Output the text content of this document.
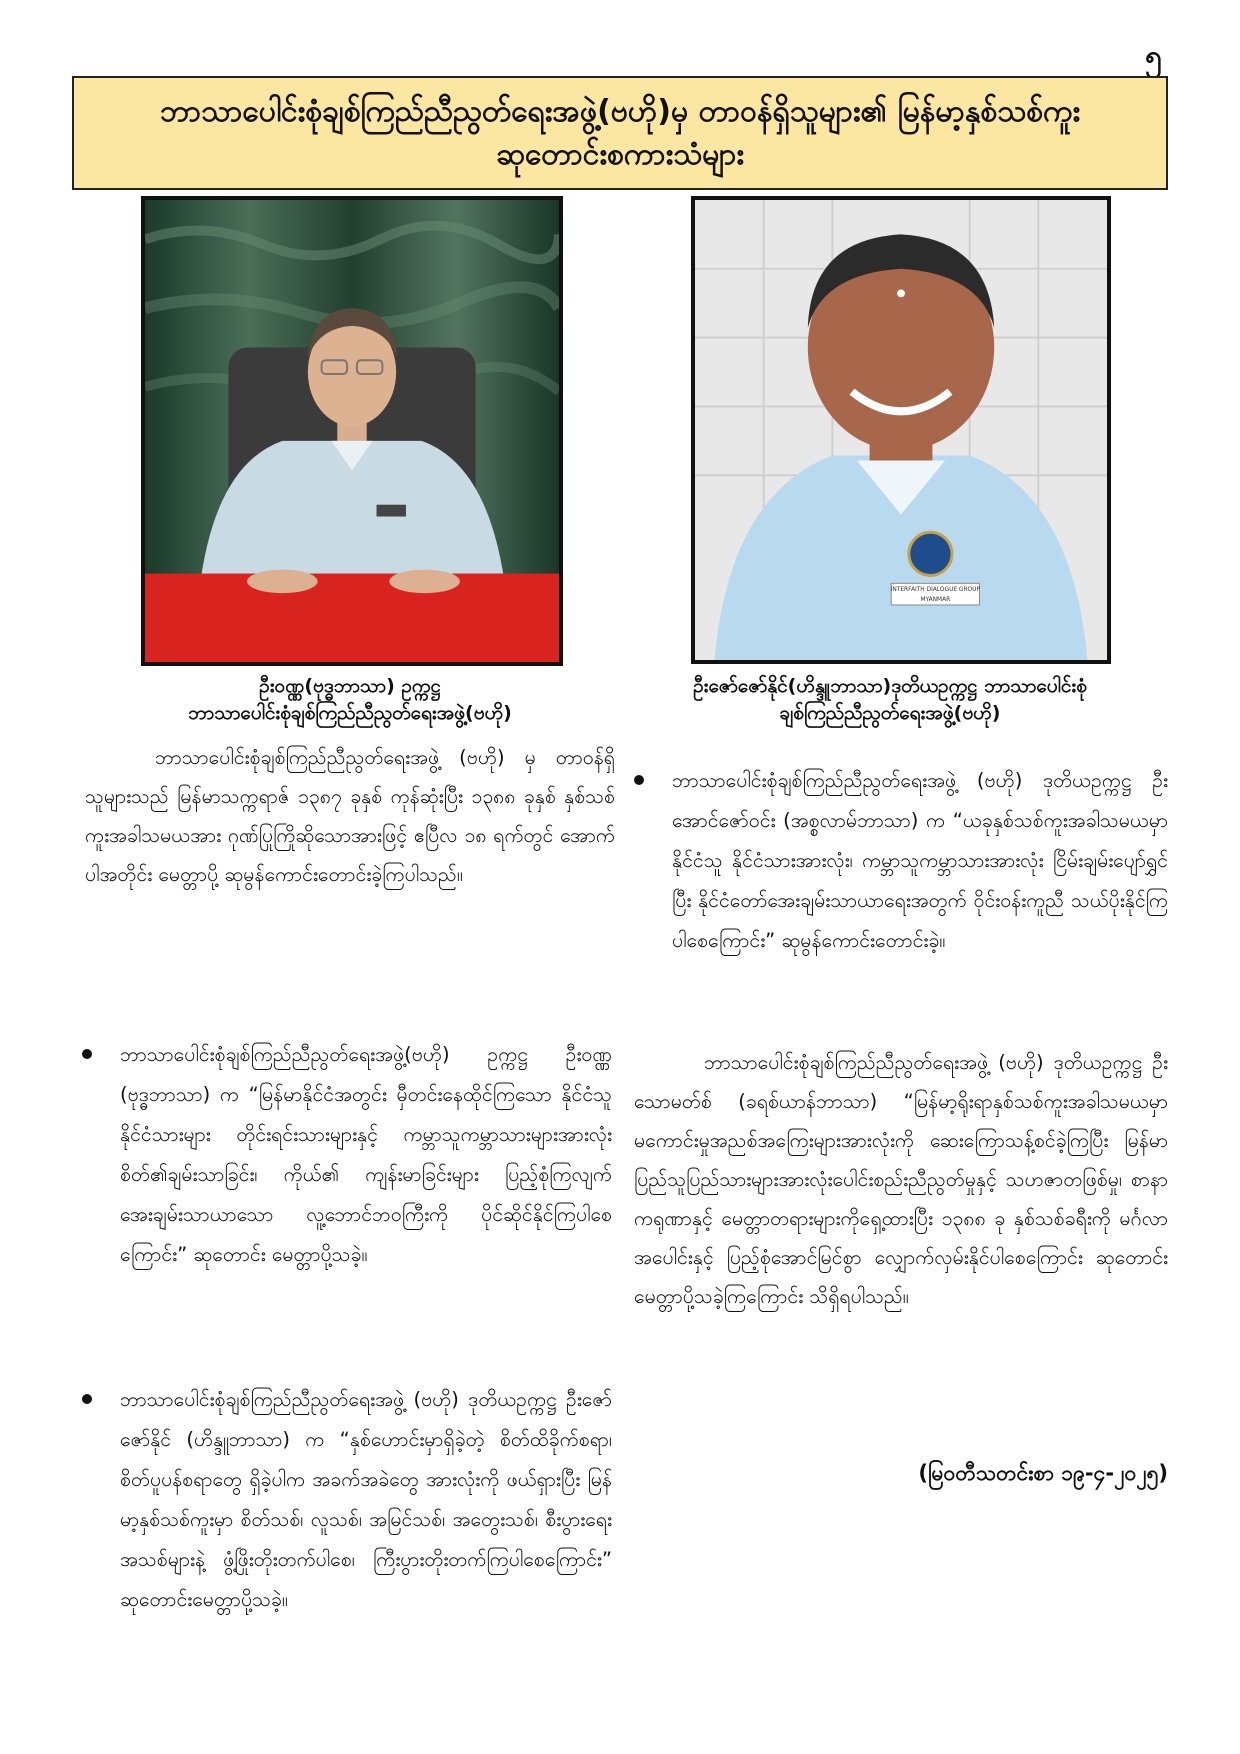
၅
ဘာသာပေါင်းစုံချစ်ကြည်ညီညွတ်ရေးအဖွဲ့(ဗဟို)မှ တာဝန်ရှိသူများ၏ မြန်မာ့နှစ်သစ်ကူး
ဆုတောင်းစကားသံများ
INTERFAITH DIALOGUE GROUP
MYANMAR
ဦးဝဏ္ဏ(ဗုဒ္ဓဘာသာ) ဥက္ကဋ္ဌ
ဘာသာပေါင်းစုံချစ်ကြည်ညီညွတ်ရေးအဖွဲ့(ဗဟို)
ဦးဇော်ဇော်နိုင်(ဟိန္ဒူဘာသာ)ဒုတိယဥက္ကဋ္ဌ ဘာသာပေါင်းစုံ
ချစ်ကြည်ညီညွတ်ရေးအဖွဲ့(ဗဟို)
ဘာသာပေါင်းစုံချစ်ကြည်ညီညွတ်ရေးအဖွဲ့ (ဗဟို) မှ တာဝန်ရှိသူများသည် မြန်မာသက္ကရာဇ် ၁၃၈၇ ခုနှစ် ကုန်ဆုံးပြီး ၁၃၈၈ ခုနှစ် နှစ်သစ်ကူးအခါသမယအား ဂုဏ်ပြုကြိုဆိုသောအားဖြင့် ဧပြီလ ၁၈ ရက်တွင် အောက်ပါအတိုင်း မေတ္တာပို့ ဆုမွန်ကောင်းတောင်းခဲ့ကြပါသည်။
ဘာသာပေါင်းစုံချစ်ကြည်ညီညွတ်ရေးအဖွဲ့(ဗဟို) ဥက္ကဋ္ဌ ဦးဝဏ္ဏ (ဗုဒ္ဓဘာသာ) က “မြန်မာနိုင်ငံအတွင်း မှီတင်းနေထိုင်ကြသော နိုင်ငံသူနိုင်ငံသားများ တိုင်းရင်းသားများနှင့် ကမ္ဘာသူကမ္ဘာသားများအားလုံး စိတ်၏ချမ်းသာခြင်း၊ ကိုယ်၏ ကျန်းမာခြင်းများ ပြည့်စုံကြလျက် အေးချမ်းသာယာသော လူ့ဘောင်ဘဝကြီးကို ပိုင်ဆိုင်နိုင်ကြပါစေကြောင်း” ဆုတောင်း မေတ္တာပို့သခဲ့။
ဘာသာပေါင်းစုံချစ်ကြည်ညီညွတ်ရေးအဖွဲ့ (ဗဟို) ဒုတိယဥက္ကဋ္ဌ ဦးဇော်ဇော်နိုင် (ဟိန္ဒူဘာသာ) က “နှစ်ဟောင်းမှာရှိခဲ့တဲ့ စိတ်ထိခိုက်စရာ၊ စိတ်ပူပန်စရာတွေ ရှိခဲ့ပါက အခက်အခဲတွေ အားလုံးကို ဖယ်ရှားပြီး မြန်မာ့နှစ်သစ်ကူးမှာ စိတ်သစ်၊ လူသစ်၊ အမြင်သစ်၊ အတွေးသစ်၊ စီးပွားရေးအသစ်များနဲ့ ဖွံ့ဖြိုးတိုးတက်ပါစေ၊ ကြီးပွားတိုးတက်ကြပါစေကြောင်း” ဆုတောင်းမေတ္တာပို့သခဲ့။
ဘာသာပေါင်းစုံချစ်ကြည်ညီညွတ်ရေးအဖွဲ့ (ဗဟို) ဒုတိယဥက္ကဋ္ဌ ဦးအောင်ဇော်ဝင်း (အစ္စလာမ်ဘာသာ) က “ယခုနှစ်သစ်ကူးအခါသမယမှာ နိုင်ငံသူ နိုင်ငံသားအားလုံး၊ ကမ္ဘာသူကမ္ဘာသားအားလုံး ငြိမ်းချမ်းပျော်ရွှင်ပြီး နိုင်ငံတော်အေးချမ်းသာယာရေးအတွက် ဝိုင်းဝန်းကူညီ သယ်ပိုးနိုင်ကြပါစေကြောင်း” ဆုမွန်ကောင်းတောင်းခဲ့။
ဘာသာပေါင်းစုံချစ်ကြည်ညီညွတ်ရေးအဖွဲ့ (ဗဟို) ဒုတိယဥက္ကဋ္ဌ ဦးသောမတ်စ် (ခရစ်ယာန်ဘာသာ) “မြန်မာ့ရိုးရာနှစ်သစ်ကူးအခါသမယမှာ မကောင်းမှုအညစ်အကြေးများအားလုံးကို ဆေးကြောသန့်စင်ခဲ့ကြပြီး မြန်မာပြည်သူပြည်သားများအားလုံးပေါင်းစည်းညီညွတ်မှုနှင့် သဟဇာတဖြစ်မှု၊ စာနာကရုဏာနှင့် မေတ္တာတရားများကိုရှေ့ထားပြီး ၁၃၈၈ ခု နှစ်သစ်ခရီးကို မင်္ဂလာအပေါင်းနှင့် ပြည့်စုံအောင်မြင်စွာ လျှောက်လှမ်းနိုင်ပါစေကြောင်း ဆုတောင်းမေတ္တာပို့သခဲ့ကြကြောင်း သိရှိရပါသည်။
(မြဝတီသတင်းစာ ၁၉-၄-၂၀၂၅)
